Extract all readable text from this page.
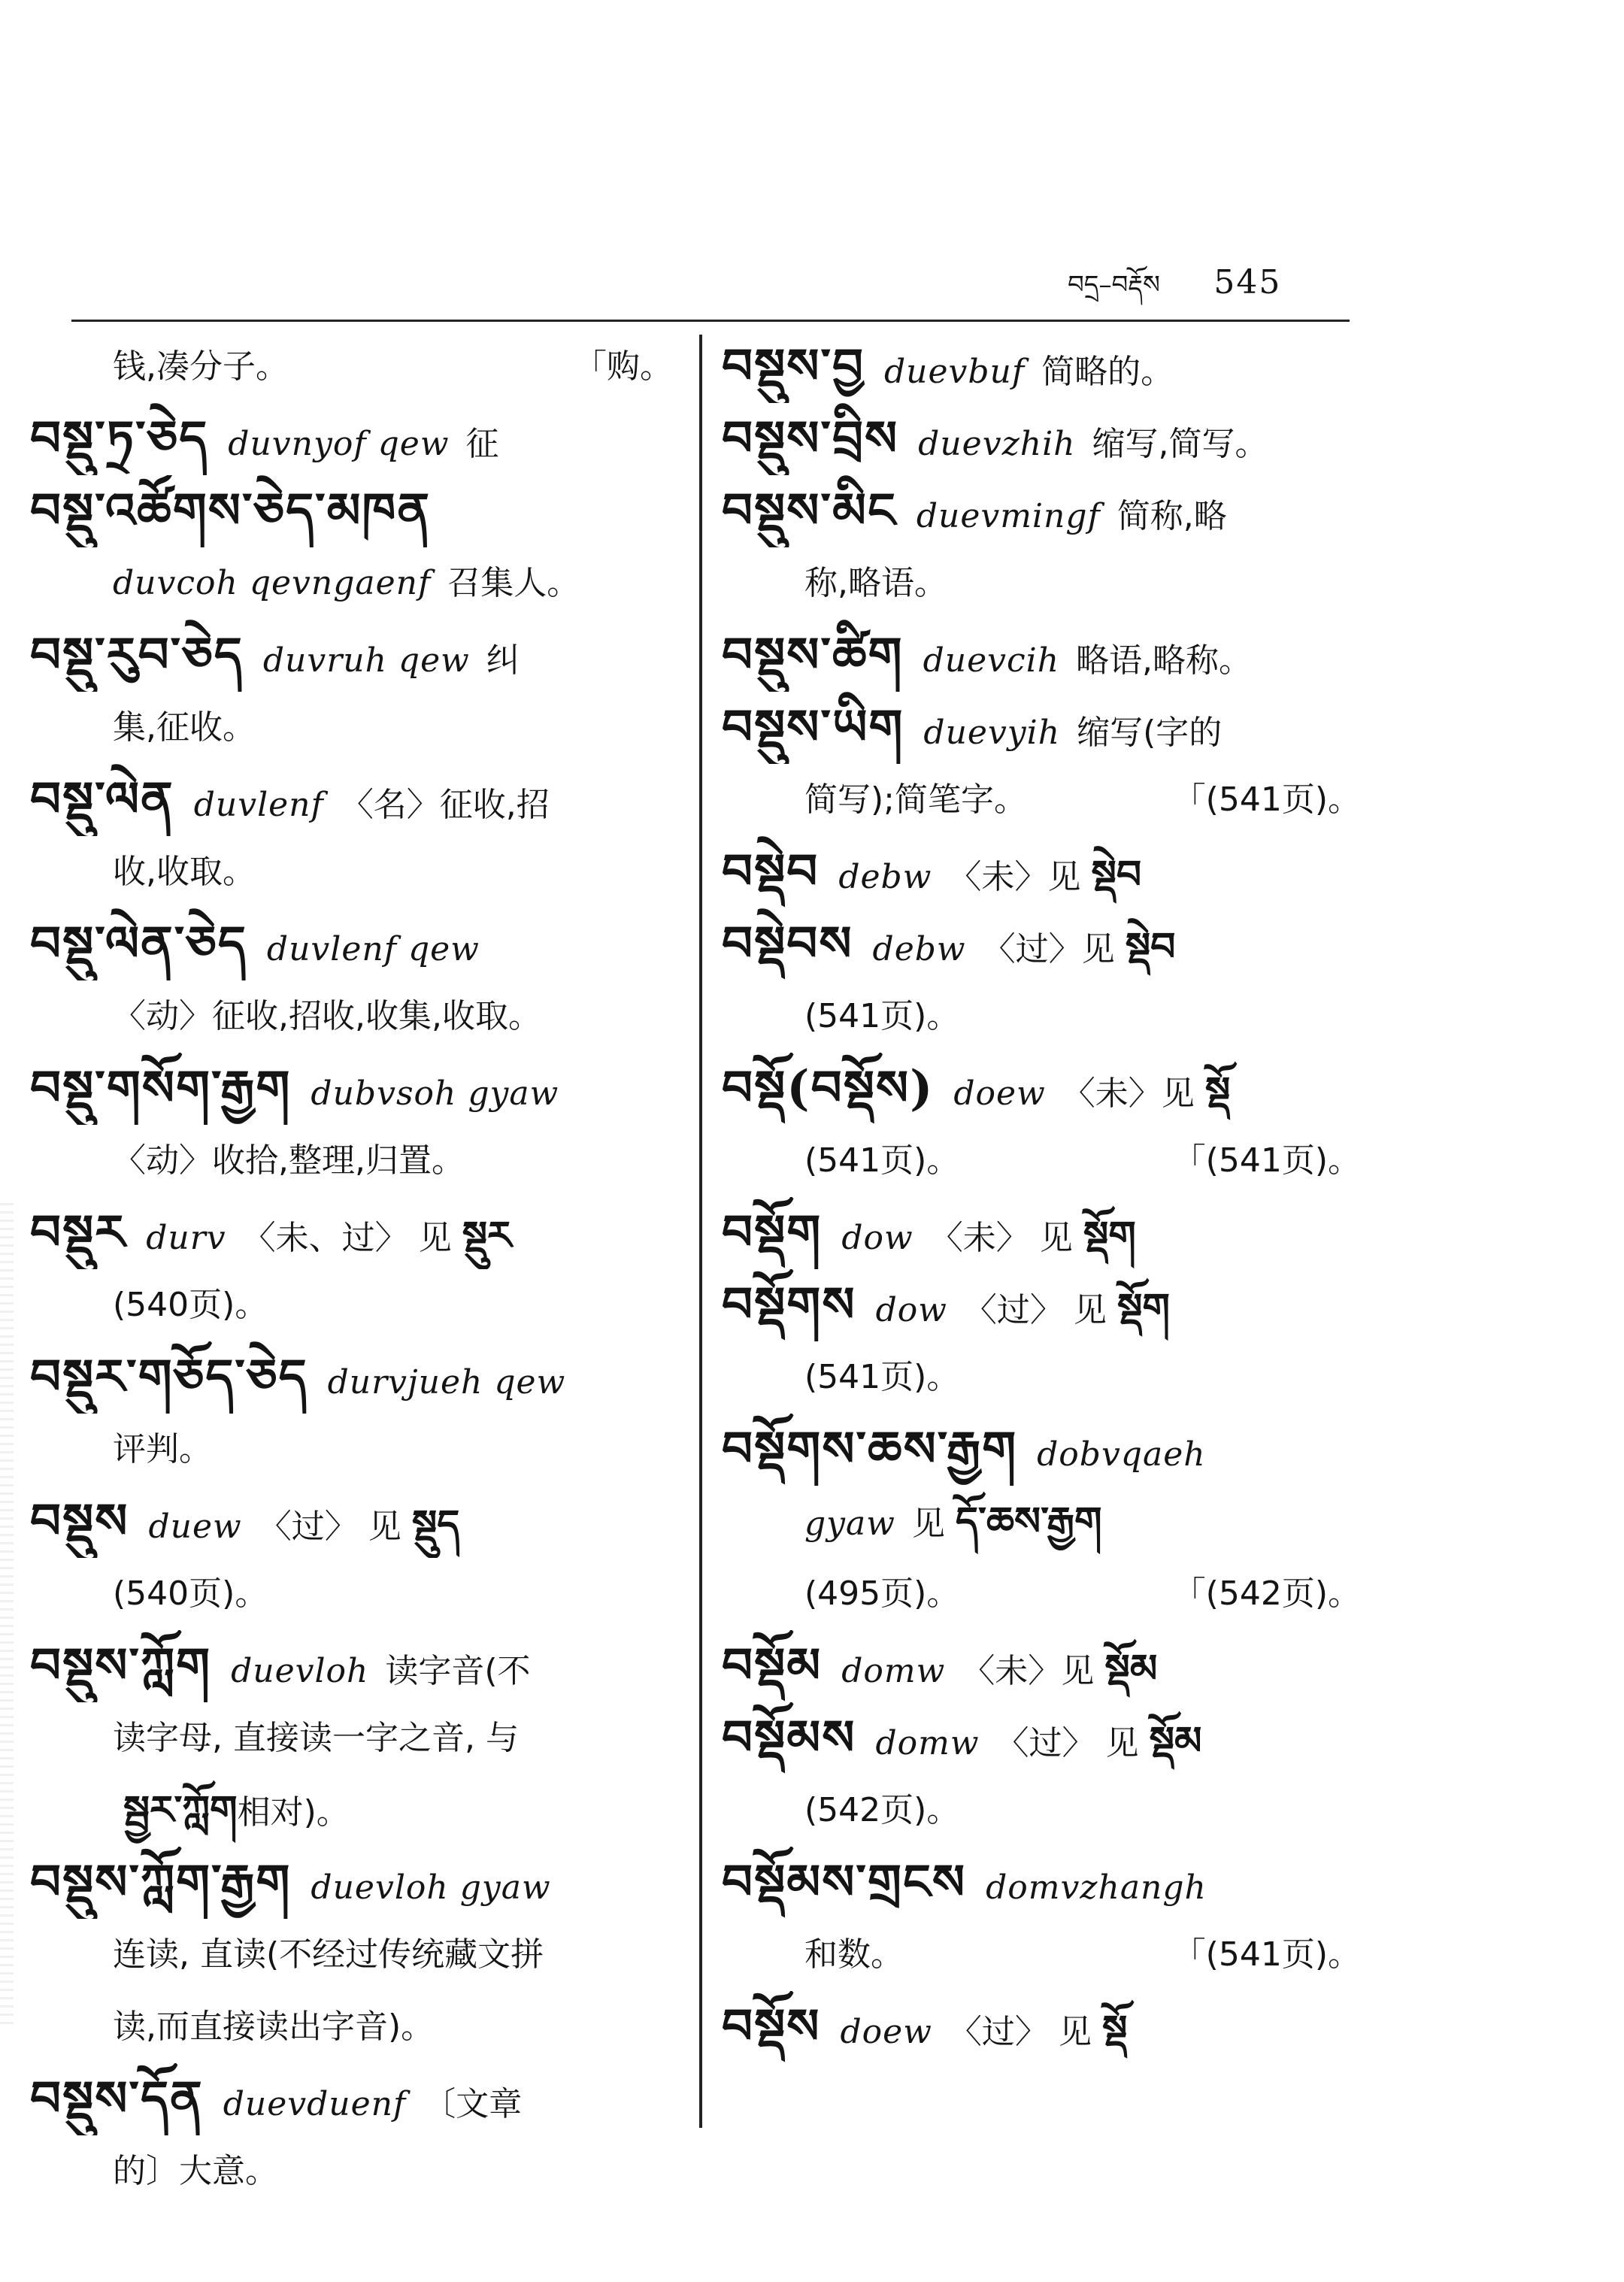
བདྲ–བརྡོས 545
「购。
钱,凑分子。
བསྡུ་ཏྲ་ཅེད duvnyof qew 征
བསྡུ་འཚོགས་ཅེད་མཁན
duvcoh qevngaenf 召集人。
བསྡུ་རུབ་ཅེད duvruh qew 纠
集,征收。
བསྡུ་ལེན duvlenf 〈名〉征收,招
收,收取。
བསྡུ་ལེན་ཅེད duvlenf qew
〈动〉征收,招收,收集,收取。
བསྡུ་གསོག་རྒྱག dubvsoh gyaw
〈动〉收拾,整理,归置。
བསྡུར durv 〈未、过〉 见 སྡུར
(540页)。
བསྡུར་གཅོད་ཅེད durvjueh qew
评判。
བསྡུས duew 〈过〉 见 སྡུད
(540页)。
བསྡུས་ཀློག duevloh 读字音(不
读字母, 直接读一字之音, 与
སྦྱར་ཀློག相对)。
བསྡུས་ཀློག་རྒྱག duevloh gyaw
连读, 直读(不经过传统藏文拼
读,而直接读出字音)。
བསྡུས་དོན duevduenf 〔文章
的〕大意。
བསྡུས་བྱ duevbuf 简略的。
བསྡུས་བྲིས duevzhih 缩写,简写。
བསྡུས་མིང duevmingf 简称,略
称,略语。
བསྡུས་ཚིག duevcih 略语,略称。
བསྡུས་ཡིག duevyih 缩写(字的
「(541页)。
简写);简笔字。
བསྡེབ debw 〈未〉见 སྡེབ
བསྡེབས debw 〈过〉见 སྡེབ
(541页)。
བསྡོ(བསྡོས) doew 〈未〉见 སྡོ
「(541页)。
(541页)。
བསྡོག dow 〈未〉 见 སྡོག
བསྡོགས dow 〈过〉 见 སྡོག
(541页)。
བསྡོགས་ཆས་རྒྱག dobvqaeh
gyaw 见 དོ་ཆས་རྒྱག
「(542页)。
(495页)。
བསྡོམ domw 〈未〉见 སྡོམ
བསྡོམས domw 〈过〉 见 སྡོམ
(542页)。
བསྡོམས་གྲངས domvzhangh
「(541页)。
和数。
བསྡོས doew 〈过〉 见 སྡོ
